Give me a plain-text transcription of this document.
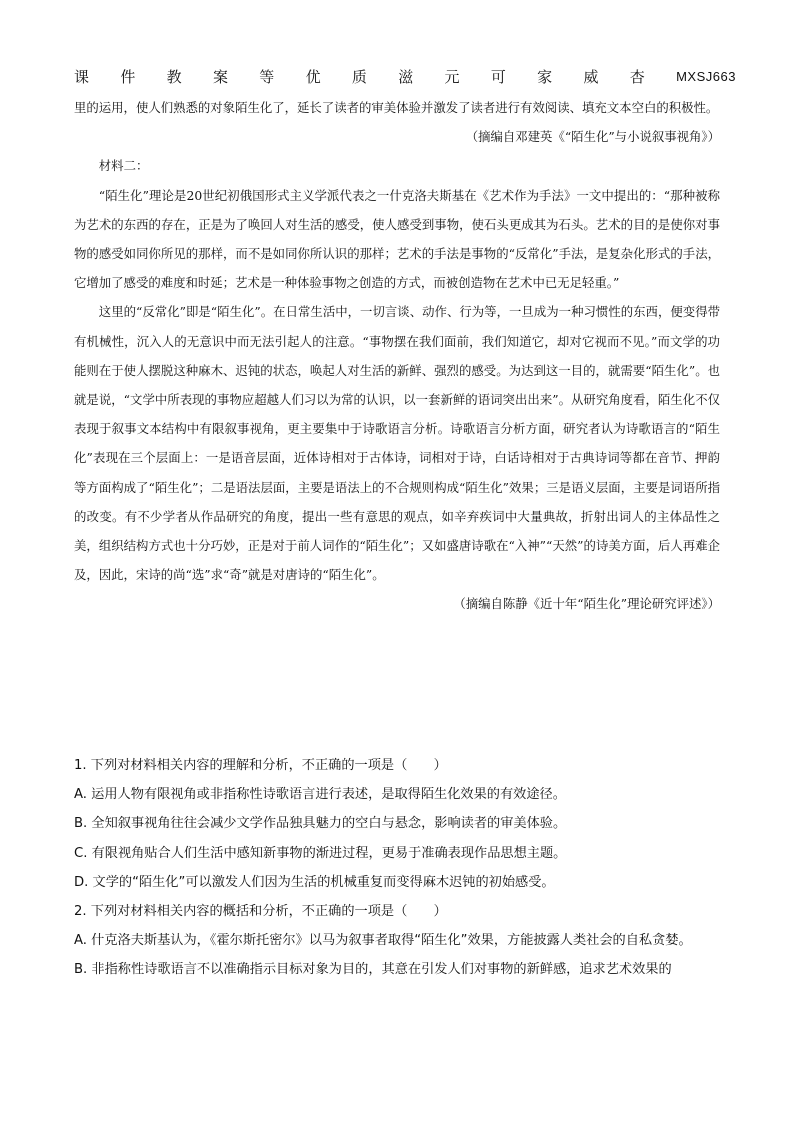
课 件 教 案 等 优 质 滋 元 可 家 威 杏 MXSJ663

里的运用，使人们熟悉的对象陌生化了，延长了读者的审美体验并激发了读者进行有效阅读、填充文本空白的积极性。

（摘编自邓建英《“陌生化”与小说叙事视角》）

材料二：

“陌生化”理论是20世纪初俄国形式主义学派代表之一什克洛夫斯基在《艺术作为手法》一文中提出的：“那种被称为艺术的东西的存在，正是为了唤回人对生活的感受，使人感受到事物，使石头更成其为石头。艺术的目的是使你对事物的感受如同你所见的那样，而不是如同你所认识的那样；艺术的手法是事物的“反常化”手法，是复杂化形式的手法，它增加了感受的难度和时延；艺术是一种体验事物之创造的方式，而被创造物在艺术中已无足轻重。”

这里的“反常化”即是“陌生化”。在日常生活中，一切言谈、动作、行为等，一旦成为一种习惯性的东西，便变得带有机械性，沉入人的无意识中而无法引起人的注意。“事物摆在我们面前，我们知道它，却对它视而不见。”而文学的功能则在于使人摆脱这种麻木、迟钝的状态，唤起人对生活的新鲜、强烈的感受。为达到这一目的，就需要“陌生化”。也就是说，“文学中所表现的事物应超越人们习以为常的认识，以一套新鲜的语词突出出来”。从研究角度看，陌生化不仅表现于叙事文本结构中有限叙事视角，更主要集中于诗歌语言分析。诗歌语言分析方面，研究者认为诗歌语言的“陌生化”表现在三个层面上：一是语音层面，近体诗相对于古体诗，词相对于诗，白话诗相对于古典诗词等都在音节、押韵等方面构成了“陌生化”；二是语法层面，主要是语法上的不合规则构成“陌生化”效果；三是语义层面，主要是词语所指的改变。有不少学者从作品研究的角度，提出一些有意思的观点，如辛弃疾词中大量典故，折射出词人的主体品性之美，组织结构方式也十分巧妙，正是对于前人词作的“陌生化”；又如盛唐诗歌在“入神”“天然”的诗美方面，后人再难企及，因此，宋诗的尚“选”求“奇”就是对唐诗的“陌生化”。

（摘编自陈静《近十年“陌生化”理论研究评述》）

1. 下列对材料相关内容的理解和分析，不正确的一项是（　　）

A. 运用人物有限视角或非指称性诗歌语言进行表述，是取得陌生化效果的有效途径。

B. 全知叙事视角往往会减少文学作品独具魅力的空白与悬念，影响读者的审美体验。

C. 有限视角贴合人们生活中感知新事物的渐进过程，更易于准确表现作品思想主题。

D. 文学的“陌生化”可以激发人们因为生活的机械重复而变得麻木迟钝的初始感受。

2. 下列对材料相关内容的概括和分析，不正确的一项是（　　）

A. 什克洛夫斯基认为，《霍尔斯托密尔》以马为叙事者取得“陌生化”效果，方能披露人类社会的自私贪婪。

B. 非指称性诗歌语言不以准确指示目标对象为目的，其意在引发人们对事物的新鲜感，追求艺术效果的
